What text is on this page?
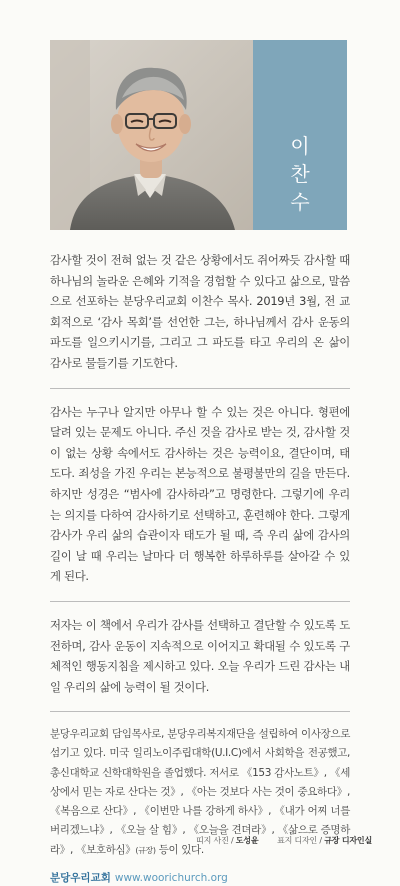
이
찬
수

감사할 것이 전혀 없는 것 같은 상황에서도 쥐어짜듯 감사할 때 하나님의 놀라운 은혜와 기적을 경험할 수 있다고 삶으로, 말씀으로 선포하는 분당우리교회 이찬수 목사. 2019년 3월, 전 교회적으로 ‘감사 목회’를 선언한 그는, 하나님께서 감사 운동의 파도를 일으키시기를, 그리고 그 파도를 타고 우리의 온 삶이 감사로 물들기를 기도한다.

감사는 누구나 알지만 아무나 할 수 있는 것은 아니다. 형편에 달려 있는 문제도 아니다. 주신 것을 감사로 받는 것, 감사할 것이 없는 상황 속에서도 감사하는 것은 능력이요, 결단이며, 태도다. 죄성을 가진 우리는 본능적으로 불평불만의 길을 만든다. 하지만 성경은 “범사에 감사하라”고 명령한다. 그렇기에 우리는 의지를 다하여 감사하기로 선택하고, 훈련해야 한다. 그렇게 감사가 우리 삶의 습관이자 태도가 될 때, 즉 우리 삶에 감사의 길이 날 때 우리는 날마다 더 행복한 하루하루를 살아갈 수 있게 된다.

저자는 이 책에서 우리가 감사를 선택하고 결단할 수 있도록 도전하며, 감사 운동이 지속적으로 이어지고 확대될 수 있도록 구체적인 행동지침을 제시하고 있다. 오늘 우리가 드린 감사는 내일 우리의 삶에 능력이 될 것이다.

분당우리교회 담임목사로, 분당우리복지재단을 설립하여 이사장으로 섬기고 있다. 미국 일리노이주립대학(U.I.C)에서 사회학을 전공했고, 총신대학교 신학대학원을 졸업했다. 저서로 《153 감사노트》, 《세상에서 믿는 자로 산다는 것》, 《아는 것보다 사는 것이 중요하다》, 《복음으로 산다》, 《이번만 나를 강하게 하사》, 《내가 어찌 너를 버리겠느냐》, 《오늘 살 힘》, 《오늘을 견뎌라》, 《삶으로 증명하라》, 《보호하심》(규장) 등이 있다.

분당우리교회 www.woorichurch.org
띠지 사진 / 도성윤 표지 디자인 / 규장 디자인실
